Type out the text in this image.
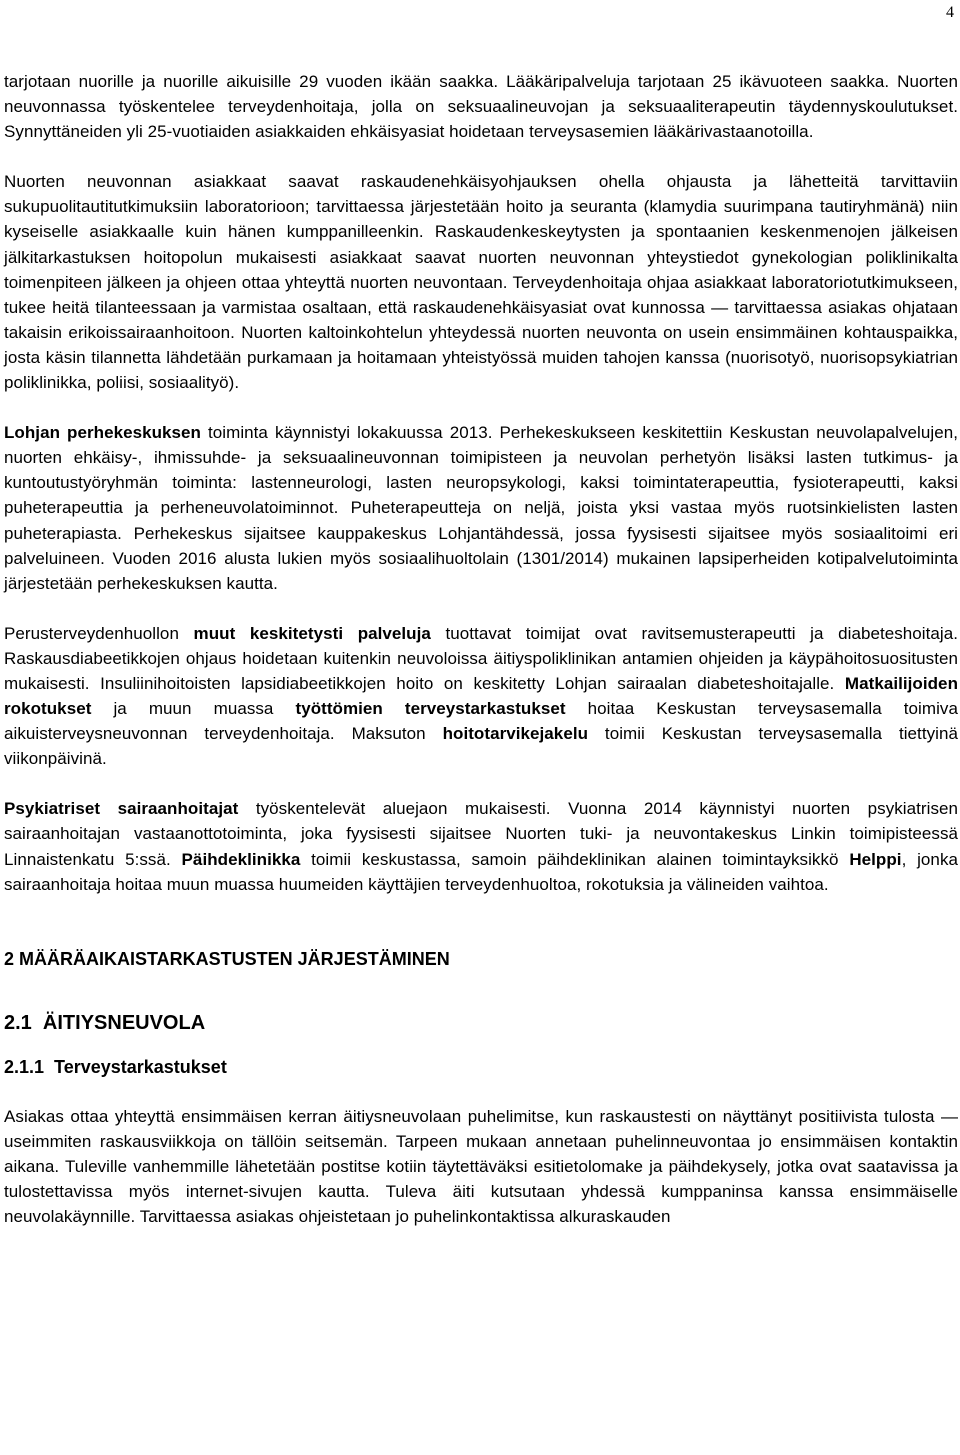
4

tarjotaan nuorille ja nuorille aikuisille 29 vuoden ikään saakka. Lääkäripalveluja tarjotaan 25 ikävuoteen saakka. Nuorten neuvonnassa työskentelee terveydenhoitaja, jolla on seksuaalineuvojan ja seksuaaliterapeutin täydennyskoulutukset. Synnyttäneiden yli 25-vuotiaiden asiakkaiden ehkäisyasiat hoidetaan terveysasemien lääkärivastaanotoilla.

Nuorten neuvonnan asiakkaat saavat raskaudenehkäisyohjauksen ohella ohjausta ja lähetteitä tarvittaviin sukupuolitautitutkimuksiin laboratorioon; tarvittaessa järjestetään hoito ja seuranta (klamydia suurimpana tautiryhmänä) niin kyseiselle asiakkaalle kuin hänen kumppanilleenkin. Raskaudenkeskeytysten ja spontaanien keskenmenojen jälkeisen jälkitarkastuksen hoitopolun mukaisesti asiakkaat saavat nuorten neuvonnan yhteystiedot gynekologian poliklinikalta toimenpiteen jälkeen ja ohjeen ottaa yhteyttä nuorten neuvontaan. Terveydenhoitaja ohjaa asiakkaat laboratoriotutkimukseen, tukee heitä tilanteessaan ja varmistaa osaltaan, että raskaudenehkäisyasiat ovat kunnossa — tarvittaessa asiakas ohjataan takaisin erikoissairaanhoitoon. Nuorten kaltoinkohtelun yhteydessä nuorten neuvonta on usein ensimmäinen kohtauspaikka, josta käsin tilannetta lähdetään purkamaan ja hoitamaan yhteistyössä muiden tahojen kanssa (nuorisotyö, nuorisopsykiatrian poliklinikka, poliisi, sosiaalityö).

Lohjan perhekeskuksen toiminta käynnistyi lokakuussa 2013. Perhekeskukseen keskitettiin Keskustan neuvolapalvelujen, nuorten ehkäisy-, ihmissuhde- ja seksuaalineuvonnan toimipisteen ja neuvolan perhetyön lisäksi lasten tutkimus- ja kuntoutustyöryhmän toiminta: lastenneurologi, lasten neuropsykologi, kaksi toimintaterapeuttia, fysioterapeutti, kaksi puheterapeuttia ja perheneuvolatoiminnot. Puheterapeutteja on neljä, joista yksi vastaa myös ruotsinkielisten lasten puheterapiasta. Perhekeskus sijaitsee kauppakeskus Lohjantähdessä, jossa fyysisesti sijaitsee myös sosiaalitoimi eri palveluineen. Vuoden 2016 alusta lukien myös sosiaalihuoltolain (1301/2014) mukainen lapsiperheiden kotipalvelutoiminta järjestetään perhekeskuksen kautta.

Perusterveydenhuollon muut keskitetysti palveluja tuottavat toimijat ovat ravitsemusterapeutti ja diabeteshoitaja. Raskausdiabeetikkojen ohjaus hoidetaan kuitenkin neuvoloissa äitiyspoliklinikan antamien ohjeiden ja käypähoitosuositusten mukaisesti. Insuliinihoitoisten lapsidiabeetikkojen hoito on keskitetty Lohjan sairaalan diabeteshoitajalle. Matkailijoiden rokotukset ja muun muassa työttömien terveystarkastukset hoitaa Keskustan terveysasemalla toimiva aikuisterveysneuvonnan terveydenhoitaja. Maksuton hoitotarvikejakelu toimii Keskustan terveysasemalla tiettyinä viikonpäivinä.

Psykiatriset sairaanhoitajat työskentelevät aluejaon mukaisesti. Vuonna 2014 käynnistyi nuorten psykiatrisen sairaanhoitajan vastaanottotoiminta, joka fyysisesti sijaitsee Nuorten tuki- ja neuvontakeskus Linkin toimipisteessä Linnaistenkatu 5:ssä. Päihdeklinikka toimii keskustassa, samoin päihdeklinikan alainen toimintayksikkö Helppi, jonka sairaanhoitaja hoitaa muun muassa huumeiden käyttäjien terveydenhuoltoa, rokotuksia ja välineiden vaihtoa.

2 MÄÄRÄAIKAISTARKASTUSTEN JÄRJESTÄMINEN
2.1  ÄITIYSNEUVOLA
2.1.1  Terveystarkastukset

Asiakas ottaa yhteyttä ensimmäisen kerran äitiysneuvolaan puhelimitse, kun raskaustesti on näyttänyt positiivista tulosta — useimmiten raskausviikkoja on tällöin seitsemän. Tarpeen mukaan annetaan puhelinneuvontaa jo ensimmäisen kontaktin aikana. Tuleville vanhemmille lähetetään postitse kotiin täytettäväksi esitietolomake ja päihdekysely, jotka ovat saatavissa ja tulostettavissa myös internet-sivujen kautta. Tuleva äiti kutsutaan yhdessä kumppaninsa kanssa ensimmäiselle neuvolakäynnille. Tarvittaessa asiakas ohjeistetaan jo puhelinkontaktissa alkuraskauden
